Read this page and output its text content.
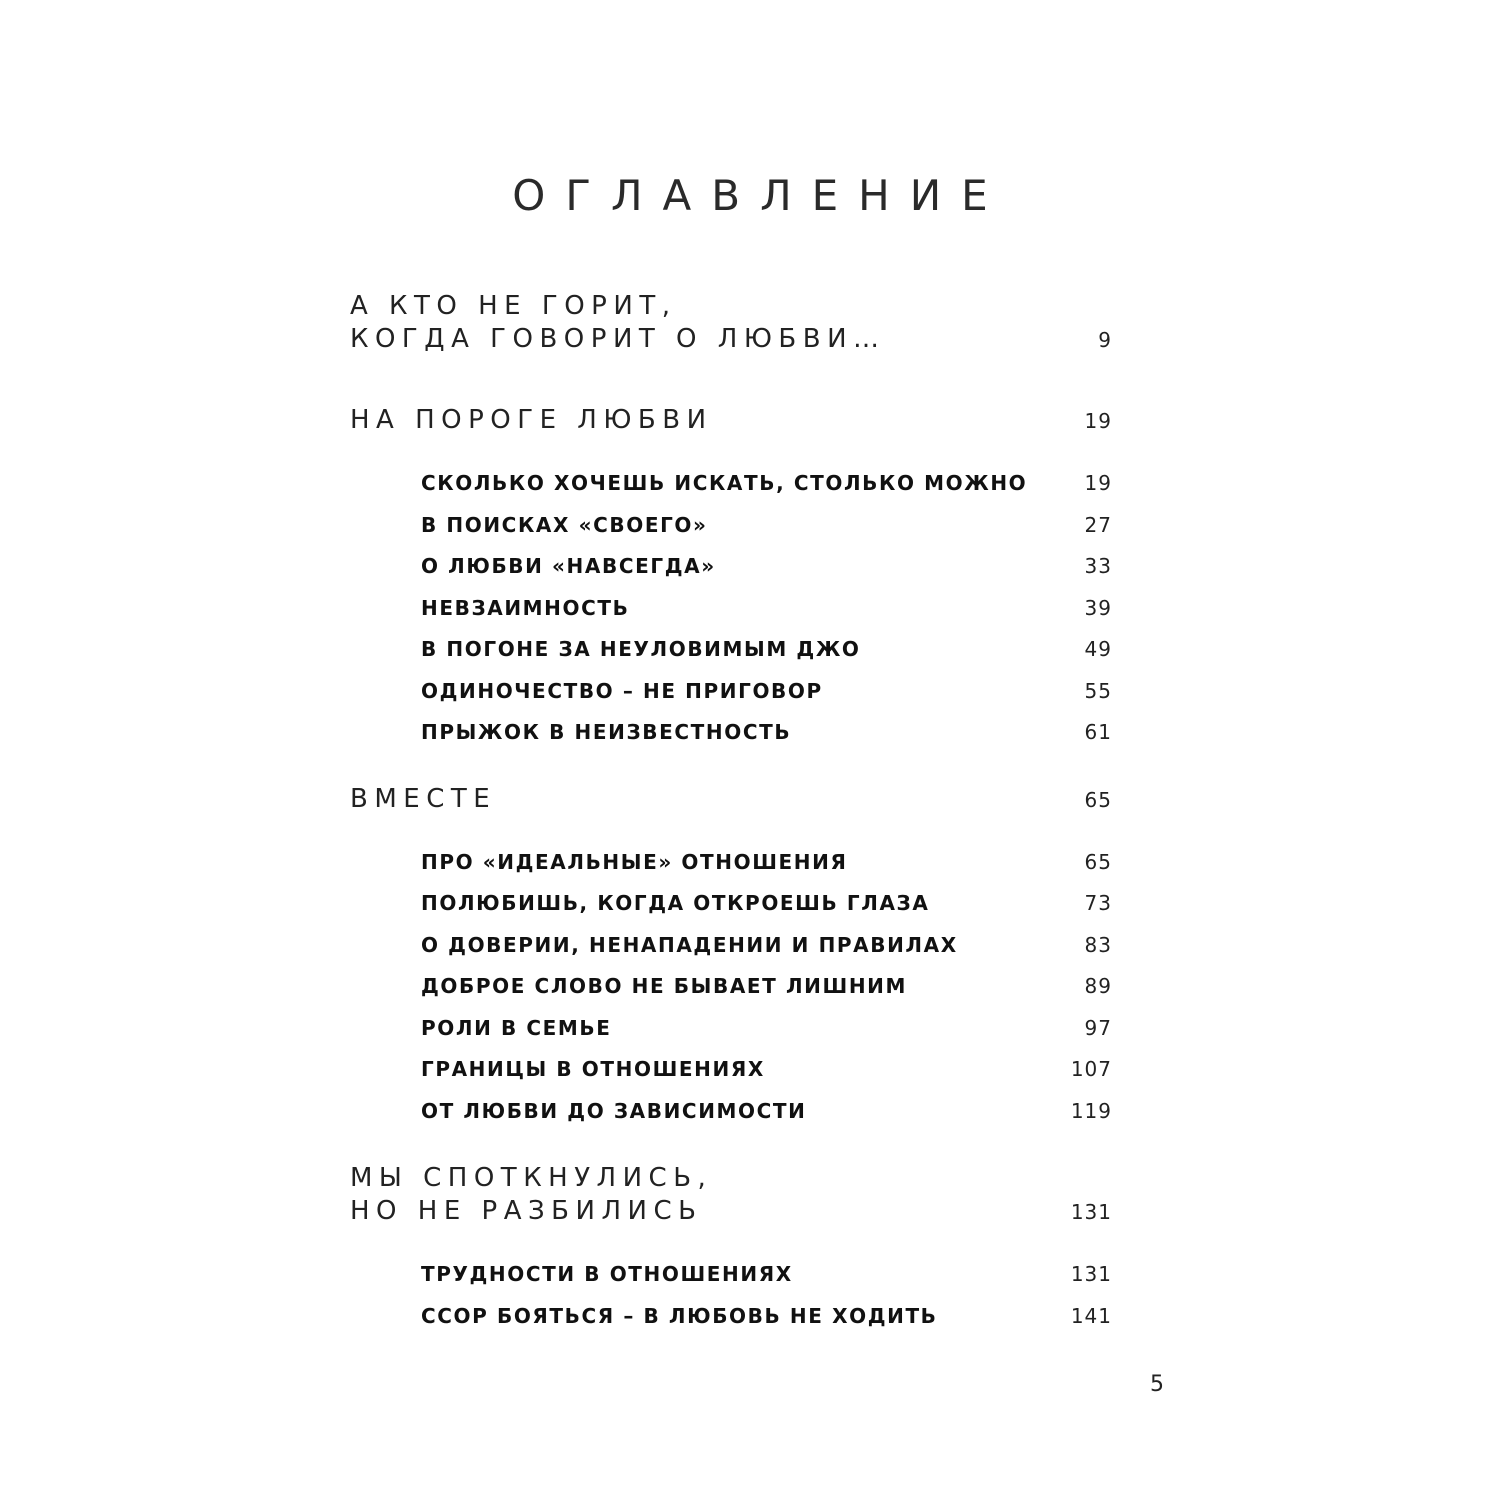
ОГЛАВЛЕНИЕ
А КТО НЕ ГОРИТ,
КОГДА ГОВОРИТ О ЛЮБВИ…	9
НА ПОРОГЕ ЛЮБВИ	19
СКОЛЬКО ХОЧЕШЬ ИСКАТЬ, СТОЛЬКО МОЖНО	19
В ПОИСКАХ «СВОЕГО»	27
О ЛЮБВИ «НАВСЕГДА»	33
НЕВЗАИМНОСТЬ	39
В ПОГОНЕ ЗА НЕУЛОВИМЫМ ДЖО	49
ОДИНОЧЕСТВО – НЕ ПРИГОВОР	55
ПРЫЖОК В НЕИЗВЕСТНОСТЬ	61
ВМЕСТЕ	65
ПРО «ИДЕАЛЬНЫЕ» ОТНОШЕНИЯ	65
ПОЛЮБИШЬ, КОГДА ОТКРОЕШЬ ГЛАЗА	73
О ДОВЕРИИ, НЕНАПАДЕНИИ И ПРАВИЛАХ	83
ДОБРОЕ СЛОВО НЕ БЫВАЕТ ЛИШНИМ	89
РОЛИ В СЕМЬЕ	97
ГРАНИЦЫ В ОТНОШЕНИЯХ	107
ОТ ЛЮБВИ ДО ЗАВИСИМОСТИ	119
МЫ СПОТКНУЛИСЬ,
НО НЕ РАЗБИЛИСЬ	131
ТРУДНОСТИ В ОТНОШЕНИЯХ	131
ССОР БОЯТЬСЯ – В ЛЮБОВЬ НЕ ХОДИТЬ	141
5
